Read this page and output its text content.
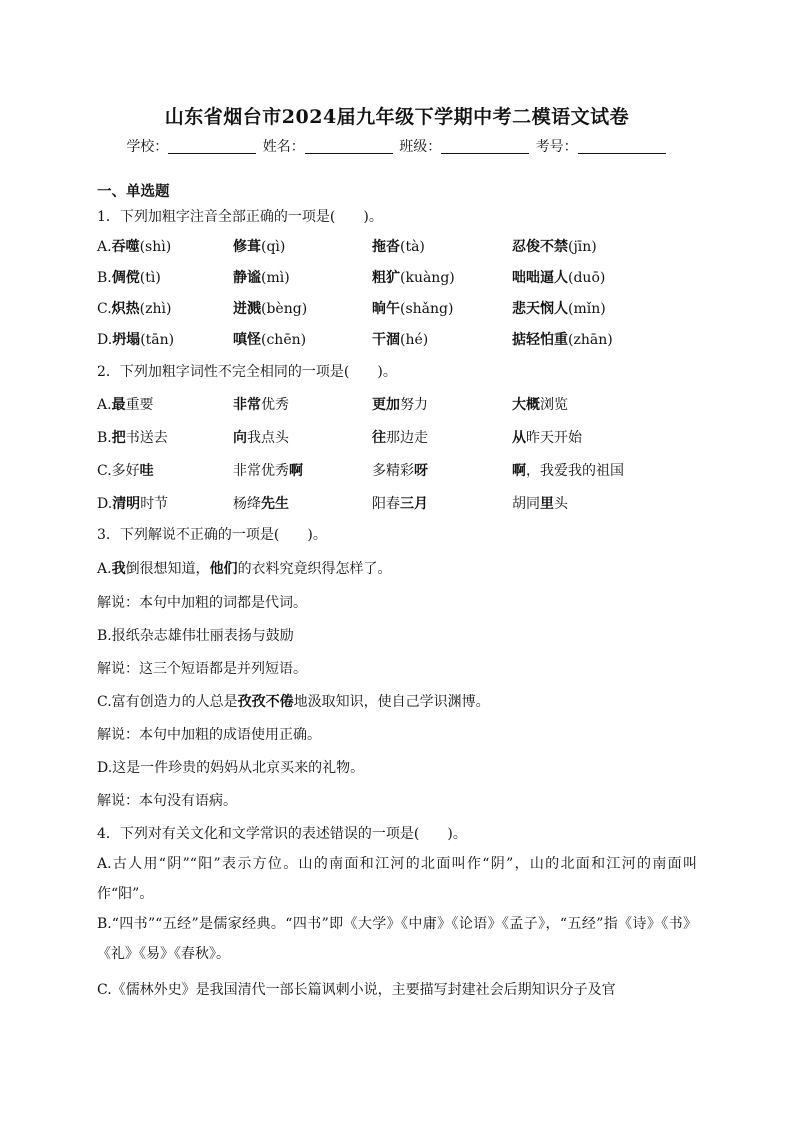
山东省烟台市2024届九年级下学期中考二模语文试卷
学校：	姓名：	班级：	考号：
一、单选题
1．下列加粗字注音全部正确的一项是(　　)。
A.吞噬(shì)	修葺(qì)	拖沓(tà)	忍俊不禁(jīn)
B.倜傥(tì)	静谧(mì)	粗犷(kuàng)	咄咄逼人(duō)
C.炽热(zhì)	迸溅(bèng)	晌午(shǎng)	悲天悯人(mǐn)
D.坍塌(tān)	嗔怪(chēn)	干涸(hé)	掂轻怕重(zhān)
2．下列加粗字词性不完全相同的一项是(　　)。
A.最重要	非常优秀	更加努力	大概浏览
B.把书送去	向我点头	往那边走	从昨天开始
C.多好哇	非常优秀啊	多精彩呀	啊，我爱我的祖国
D.清明时节	杨绛先生	阳春三月	胡同里头
3．下列解说不正确的一项是(　　)。
A.我倒很想知道，他们的衣料究竟织得怎样了。
解说：本句中加粗的词都是代词。
B.报纸杂志雄伟壮丽表扬与鼓励
解说：这三个短语都是并列短语。
C.富有创造力的人总是孜孜不倦地汲取知识，使自己学识渊博。
解说：本句中加粗的成语使用正确。
D.这是一件珍贵的妈妈从北京买来的礼物。
解说：本句没有语病。
4．下列对有关文化和文学常识的表述错误的一项是(　　)。
A.古人用“阴”“阳”表示方位。山的南面和江河的北面叫作“阴”，山的北面和江河的南面叫作“阳”。
B.“四书”“五经”是儒家经典。“四书”即《大学》《中庸》《论语》《孟子》，“五经”指《诗》《书》《礼》《易》《春秋》。
C.《儒林外史》是我国清代一部长篇讽刺小说，主要描写封建社会后期知识分子及官
